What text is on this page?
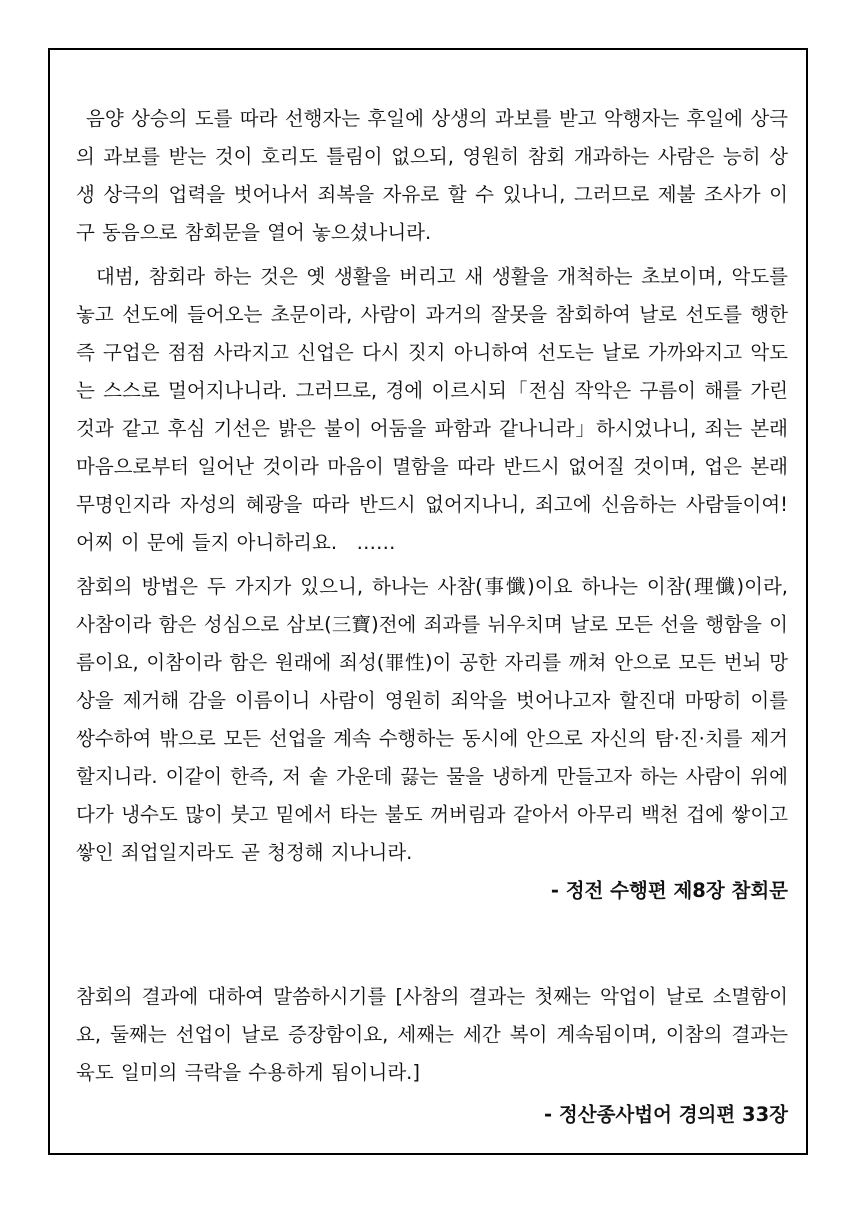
음양 상승의 도를 따라 선행자는 후일에 상생의 과보를 받고 악행자는 후일에 상극의 과보를 받는 것이 호리도 틀림이 없으되, 영원히 참회 개과하는 사람은 능히 상생 상극의 업력을 벗어나서 죄복을 자유로 할 수 있나니, 그러므로 제불 조사가 이구 동음으로 참회문을 열어 놓으셨나니라.

대범, 참회라 하는 것은 옛 생활을 버리고 새 생활을 개척하는 초보이며, 악도를 놓고 선도에 들어오는 초문이라, 사람이 과거의 잘못을 참회하여 날로 선도를 행한즉 구업은 점점 사라지고 신업은 다시 짓지 아니하여 선도는 날로 가까와지고 악도는 스스로 멀어지나니라. 그러므로, 경에 이르시되「전심 작악은 구름이 해를 가린 것과 같고 후심 기선은 밝은 불이 어둠을 파함과 같나니라」하시었나니, 죄는 본래 마음으로부터 일어난 것이라 마음이 멸함을 따라 반드시 없어질 것이며, 업은 본래 무명인지라 자성의 혜광을 따라 반드시 없어지나니, 죄고에 신음하는 사람들이여! 어찌 이 문에 들지 아니하리요.　……

참회의 방법은 두 가지가 있으니, 하나는 사참(事懺)이요 하나는 이참(理懺)이라, 사참이라 함은 성심으로 삼보(三寶)전에 죄과를 뉘우치며 날로 모든 선을 행함을 이름이요, 이참이라 함은 원래에 죄성(罪性)이 공한 자리를 깨쳐 안으로 모든 번뇌 망상을 제거해 감을 이름이니 사람이 영원히 죄악을 벗어나고자 할진대 마땅히 이를 쌍수하여 밖으로 모든 선업을 계속 수행하는 동시에 안으로 자신의 탐·진·치를 제거할지니라. 이같이 한즉, 저 솥 가운데 끓는 물을 냉하게 만들고자 하는 사람이 위에다가 냉수도 많이 붓고 밑에서 타는 불도 꺼버림과 같아서 아무리 백천 겁에 쌓이고 쌓인 죄업일지라도 곧 청정해 지나니라.

- 정전 수행편 제8장 참회문

참회의 결과에 대하여 말씀하시기를 [사참의 결과는 첫째는 악업이 날로 소멸함이요, 둘째는 선업이 날로 증장함이요, 세째는 세간 복이 계속됨이며, 이참의 결과는 육도 일미의 극락을 수용하게 됨이니라.]

- 정산종사법어 경의편 33장
